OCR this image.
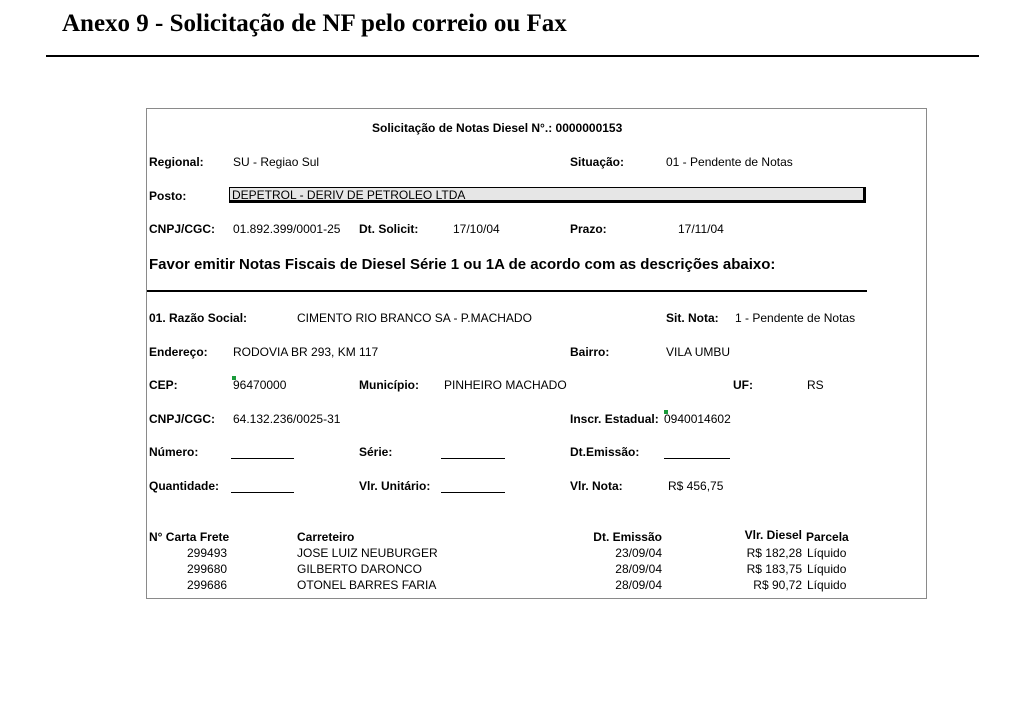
Anexo 9 - Solicitação de NF pelo correio ou Fax
Solicitação de Notas Diesel N°.: 0000000153
Regional: SU - Regiao Sul	Situação:	01 - Pendente de Notas
Posto:	DEPETROL - DERIV DE PETROLEO LTDA
CNPJ/CGC: 01.892.399/0001-25 Dt. Solicit:	17/10/04	Prazo:	17/11/04
Favor emitir Notas Fiscais de Diesel Série 1 ou 1A de acordo com as descrições abaixo:
01. Razão Social:	CIMENTO RIO BRANCO SA - P.MACHADO	Sit. Nota: 1 - Pendente de Notas
Endereço: RODOVIA BR 293, KM 117	Bairro:	VILA UMBU
CEP:	96470000	Município: PINHEIRO MACHADO	UF:	RS
CNPJ/CGC: 64.132.236/0025-31	Inscr. Estadual: 0940014602
Número:	Série:	Dt.Emissão:
Quantidade:	Vlr. Unitário:	Vlr. Nota:	R$ 456,75
N° Carta Frete	Carreteiro	Dt. Emissão	Vlr. Diesel Parcela
299493	JOSE LUIZ NEUBURGER	23/09/04	R$ 182,28 Líquido
299680	GILBERTO DARONCO	28/09/04	R$ 183,75 Líquido
299686	OTONEL BARRES FARIA	28/09/04	R$ 90,72 Líquido
